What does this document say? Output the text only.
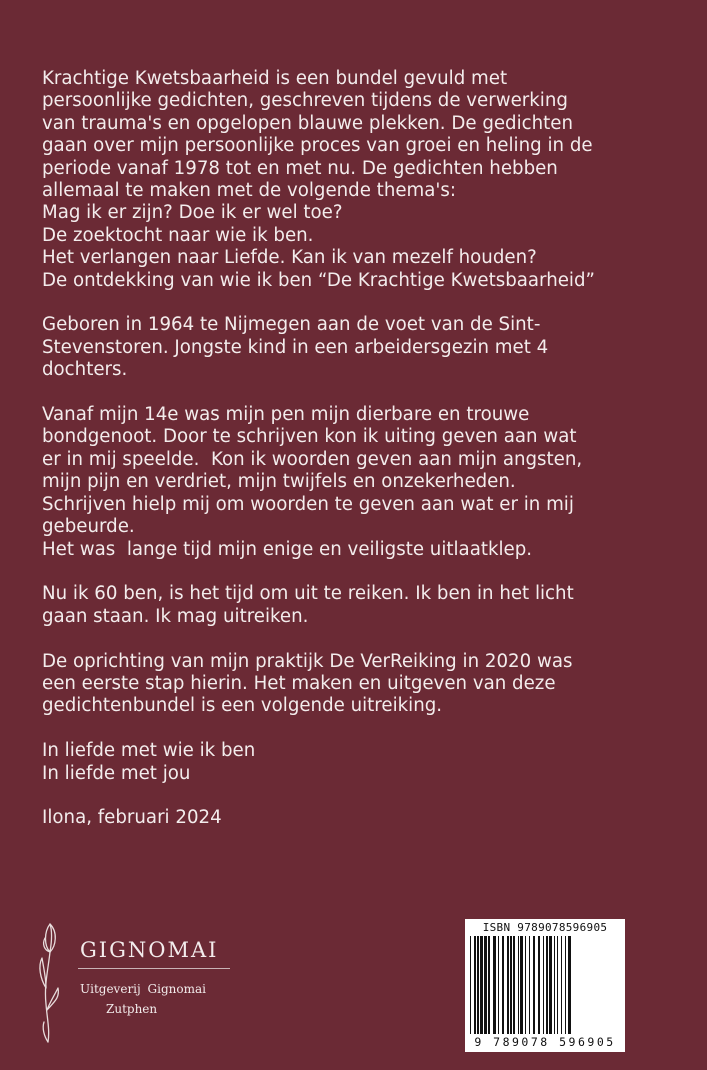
Krachtige Kwetsbaarheid is een bundel gevuld met
persoonlijke gedichten, geschreven tijdens de verwerking
van trauma's en opgelopen blauwe plekken. De gedichten
gaan over mijn persoonlijke proces van groei en heling in de
periode vanaf 1978 tot en met nu. De gedichten hebben
allemaal te maken met de volgende thema's:
Mag ik er zijn? Doe ik er wel toe?
De zoektocht naar wie ik ben.
Het verlangen naar Liefde. Kan ik van mezelf houden?
De ontdekking van wie ik ben “De Krachtige Kwetsbaarheid”

Geboren in 1964 te Nijmegen aan de voet van de Sint-
Stevenstoren. Jongste kind in een arbeidersgezin met 4
dochters.

Vanaf mijn 14e was mijn pen mijn dierbare en trouwe
bondgenoot. Door te schrijven kon ik uiting geven aan wat
er in mij speelde.  Kon ik woorden geven aan mijn angsten,
mijn pijn en verdriet, mijn twijfels en onzekerheden.
Schrijven hielp mij om woorden te geven aan wat er in mij
gebeurde.
Het was  lange tijd mijn enige en veiligste uitlaatklep.

Nu ik 60 ben, is het tijd om uit te reiken. Ik ben in het licht
gaan staan. Ik mag uitreiken.

De oprichting van mijn praktijk De VerReiking in 2020 was
een eerste stap hierin. Het maken en uitgeven van deze
gedichtenbundel is een volgende uitreiking.

In liefde met wie ik ben
In liefde met jou

Ilona, februari 2024

GIGNOMAI
Uitgeverij Gignomai
Zutphen
ISBN 9789078596905
9 789078 596905
